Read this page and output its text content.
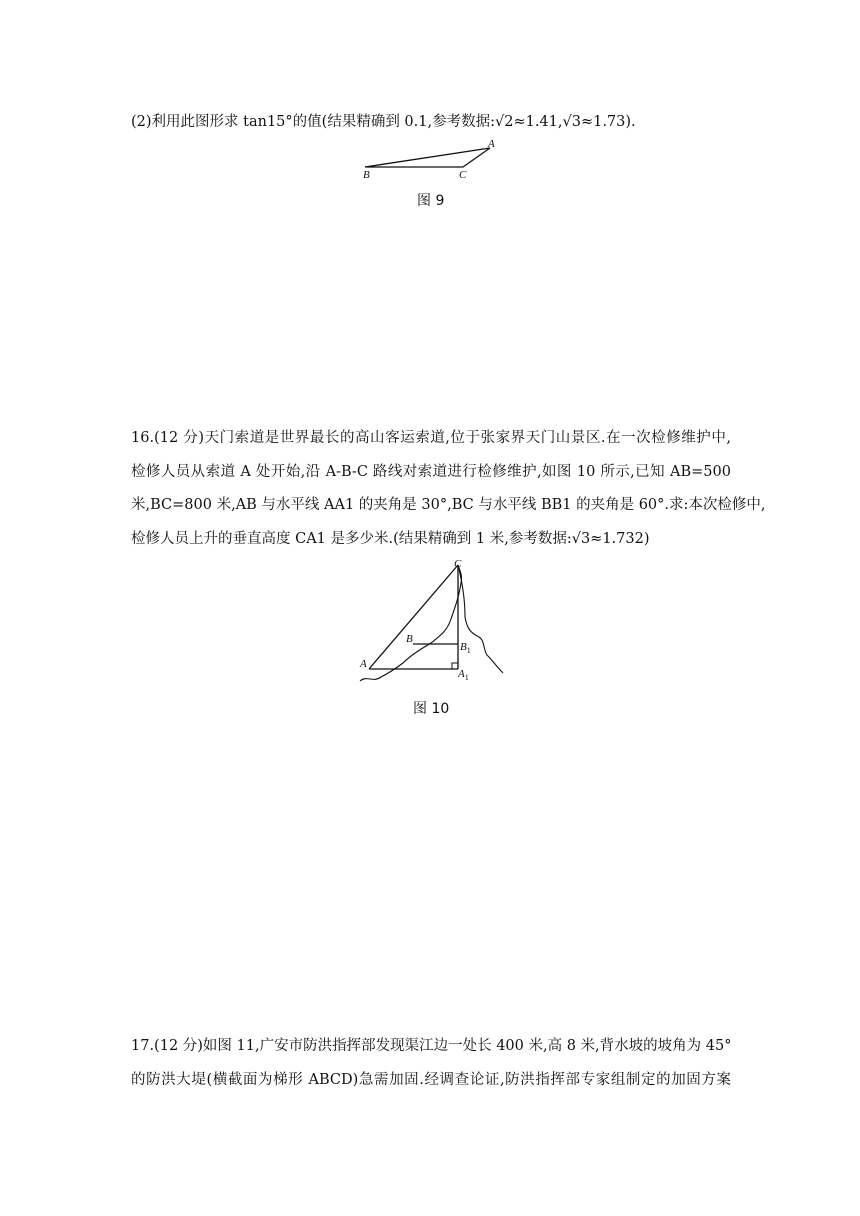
(2)利用此图形求 tan15°的值(结果精确到 0.1,参考数据:√2≈1.41,√3≈1.73).
A
B	C
图 9
16.(12 分)天门索道是世界最长的高山客运索道,位于张家界天门山景区.在一次检修维护中,
检修人员从索道 A 处开始,沿 A-B-C 路线对索道进行检修维护,如图 10 所示,已知 AB=500
米,BC=800 米,AB 与水平线 AA1 的夹角是 30°,BC 与水平线 BB1 的夹角是 60°.求:本次检修中,
检修人员上升的垂直高度 CA1 是多少米.(结果精确到 1 米,参考数据:√3≈1.732)
C
B
A
$B_1$
$A_1$
图 10
17.(12 分)如图 11,广安市防洪指挥部发现渠江边一处长 400 米,高 8 米,背水坡的坡角为 45°
的防洪大堤(横截面为梯形 ABCD)急需加固.经调查论证,防洪指挥部专家组制定的加固方案
